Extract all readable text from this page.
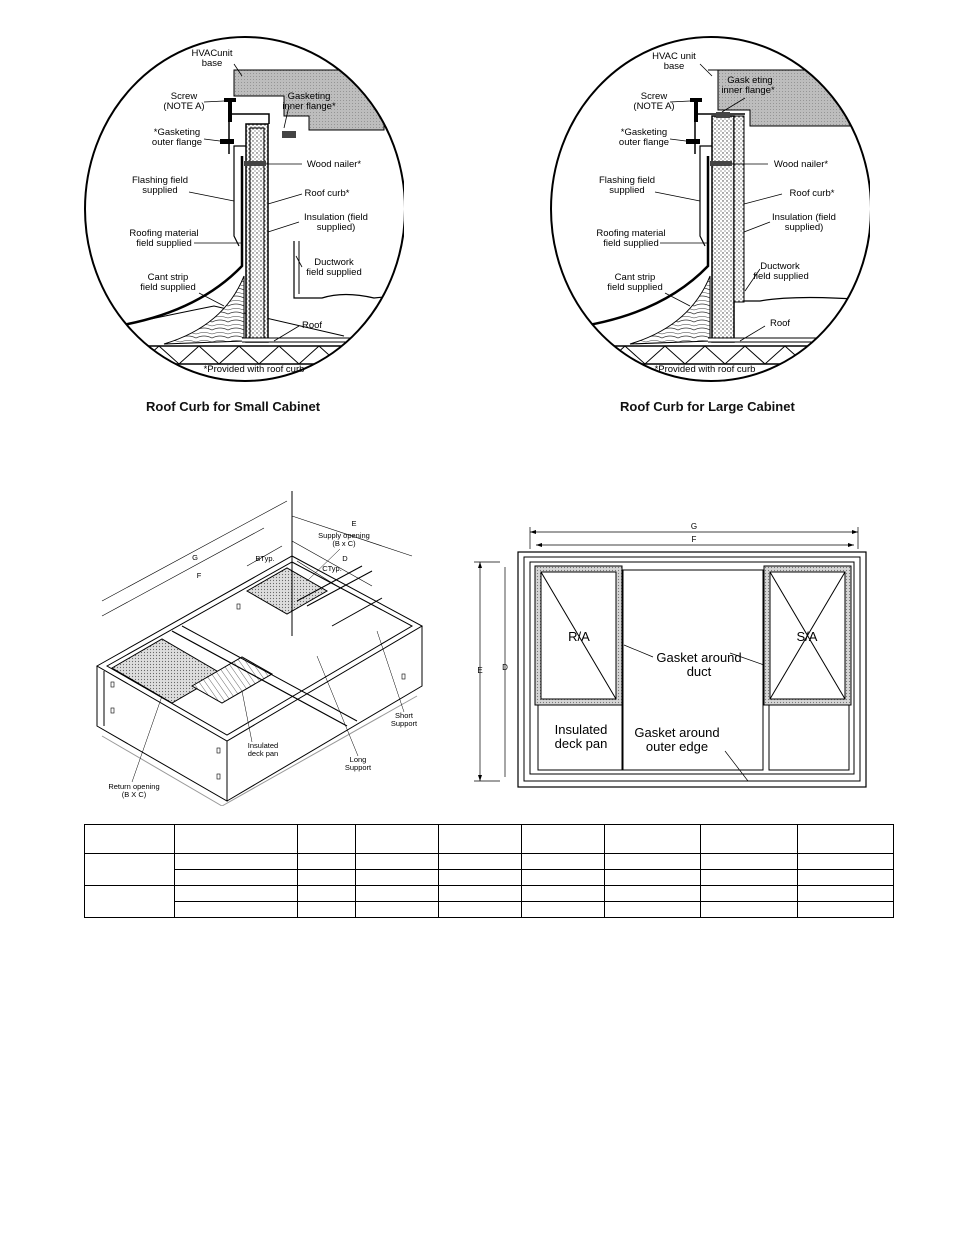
HVACunit
base
Screw
(NOTE A)
Gasketing
inner flange*
*Gasketing
outer flange
Wood nailer*
Flashing field
supplied	Roof curb*
Insulation (field
supplied)
Roofing material
field supplied
Ductwork
field supplied
Cant strip
field supplied
Roof
*Provided with roof curb
Roof Curb for Small Cabinet
HVAC unit
base
Screw
(NOTE A)
Gask eting
inner flange*
*Gasketing
outer flange
Wood nailer*
Flashing field
supplied	Roof curb*
Insulation (field
supplied)
Roofing material
field supplied
Ductwork
field supplied
Cant strip
field supplied
Roof
*Provided with roof curb
Roof Curb for Large Cabinet
E
G
F
D
BTyp.
CTyp.
Supply opening
(B x C)
Short
Support
Long
Support
Insulated
deck pan
Return opening
(B X C)
G
F
E D
R/A	S/A
Gasket around
duct
Insulated
deck pan
Gasket around
outer edge
